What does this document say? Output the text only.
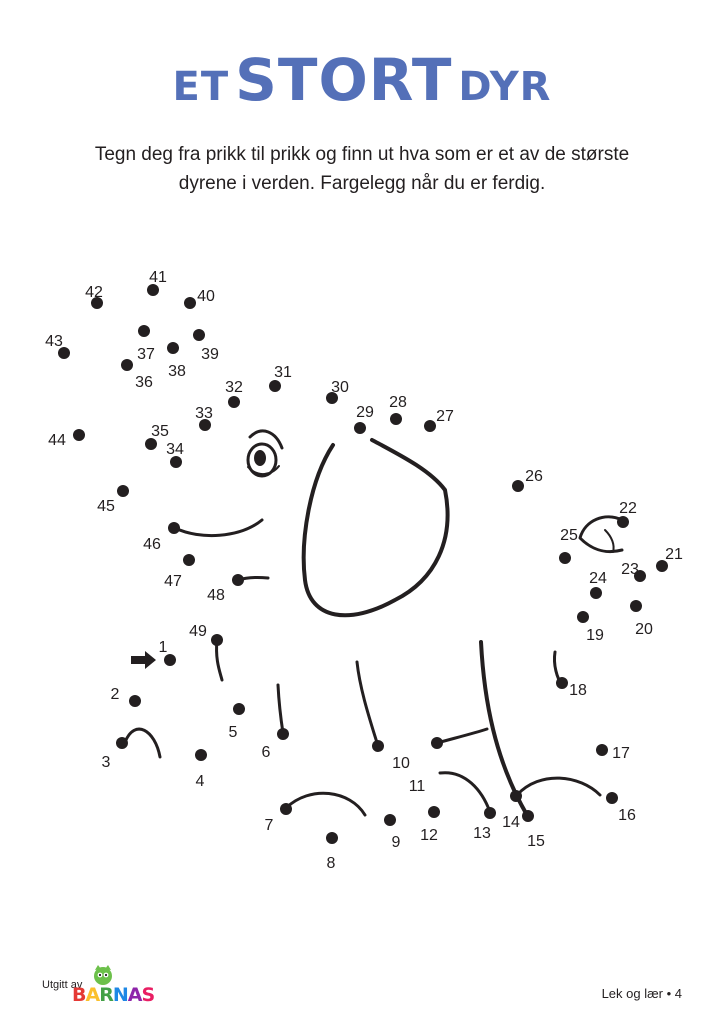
ET STORT DYR
Tegn deg fra prikk til prikk og finn ut hva som er et av de største
dyrene i verden. Fargelegg når du er ferdig.
1
2
3
4
5
6
7
8
9
10
11
12 13
14
15
16
17
18
19 20
21
22
23
24
25
26
27
28
29
30
31
32
33
34
35
36
37
38
39
40
41
42
43
44
45
46
47
48
49
Utgitt av
BARNAS	Lek og lær • 4
